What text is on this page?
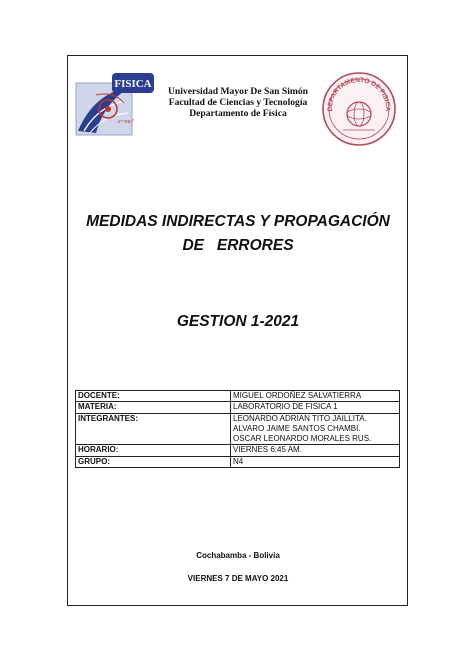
FISICA
e=mc²
DEPARTAMENTO DE FISICA
Universidad Mayor De San Simón
Facultad de Ciencias y Tecnología
Departamento de Física
MEDIDAS INDIRECTAS Y PROPAGACIÓN
DE   ERRORES
GESTION 1-2021
DOCENTE:	MIGUEL ORDOÑEZ SALVATIERRA
MATERIA:	LABORATORIO DE FISICA 1
INTEGRANTES:	LEONARDO ADRIAN TITO JAILLITA.
ALVARO JAIME SANTOS CHAMBI.
OSCAR LEONARDO MORALES RUS.

HORARIO:	VIERNES 6:45 AM.
GRUPO:	N4
Cochabamba - Bolivia
VIERNES 7 DE MAYO 2021
